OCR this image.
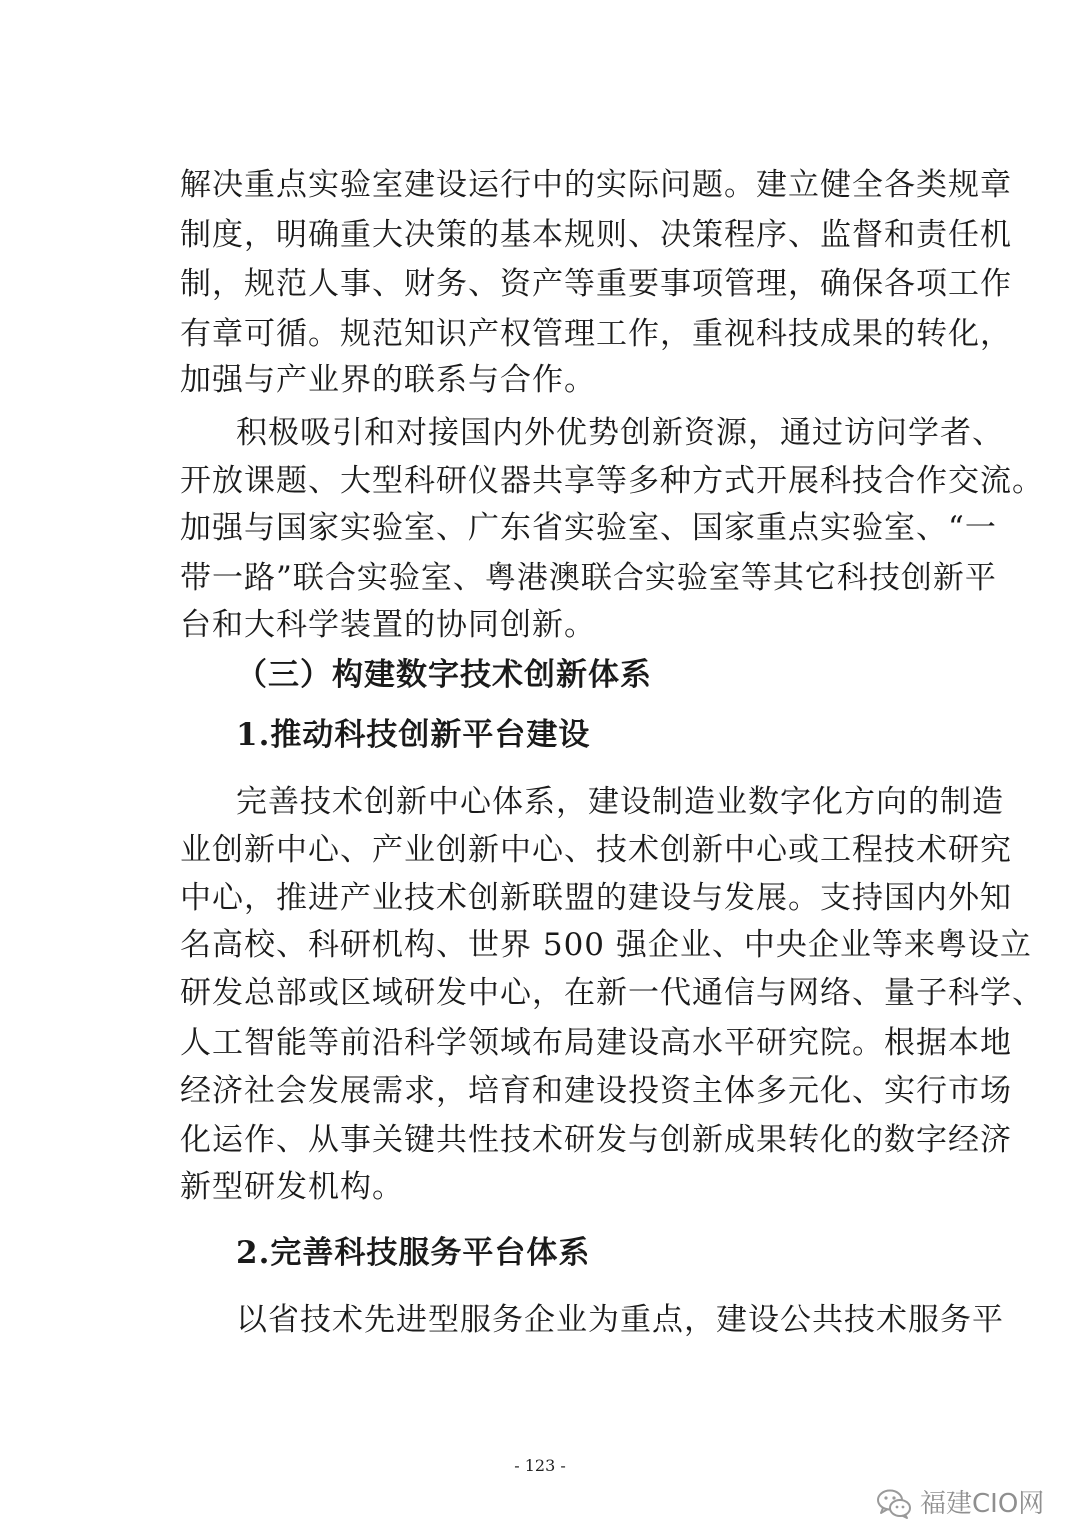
解决重点实验室建设运行中的实际问题。建立健全各类规章
制度，明确重大决策的基本规则、决策程序、监督和责任机
制，规范人事、财务、资产等重要事项管理，确保各项工作
有章可循。规范知识产权管理工作，重视科技成果的转化，
加强与产业界的联系与合作。
积极吸引和对接国内外优势创新资源，通过访问学者、
开放课题、大型科研仪器共享等多种方式开展科技合作交流。
加强与国家实验室、广东省实验室、国家重点实验室、“一
带一路”联合实验室、粤港澳联合实验室等其它科技创新平
台和大科学装置的协同创新。
（三）构建数字技术创新体系
1.推动科技创新平台建设
完善技术创新中心体系，建设制造业数字化方向的制造
业创新中心、产业创新中心、技术创新中心或工程技术研究
中心，推进产业技术创新联盟的建设与发展。支持国内外知
名高校、科研机构、世界 500 强企业、中央企业等来粤设立
研发总部或区域研发中心，在新一代通信与网络、量子科学、
人工智能等前沿科学领域布局建设高水平研究院。根据本地
经济社会发展需求，培育和建设投资主体多元化、实行市场
化运作、从事关键共性技术研发与创新成果转化的数字经济
新型研发机构。
2.完善科技服务平台体系
以省技术先进型服务企业为重点，建设公共技术服务平
- 123 -
福建CIO网
